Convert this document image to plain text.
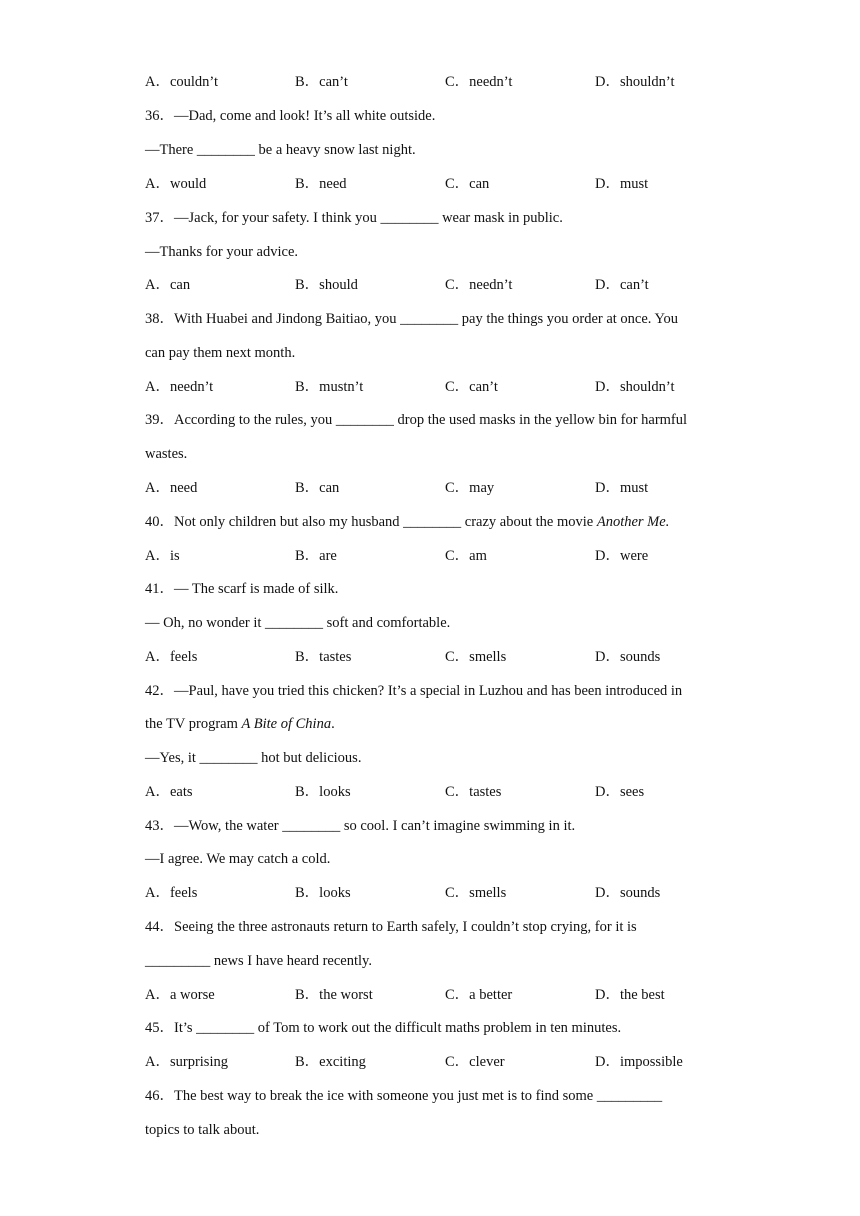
A．couldn’t	B．can’t	C．needn’t	D．shouldn’t
36．—Dad, come and look! It’s all white outside.
—There ________ be a heavy snow last night.
A．would	B．need	C．can	D．must
37．—Jack, for your safety. I think you ________ wear mask in public.
—Thanks for your advice.
A．can	B．should	C．needn’t	D．can’t
38．With Huabei and Jindong Baitiao, you ________ pay the things you order at once. You
can pay them next month.
A．needn’t	B．mustn’t	C．can’t	D．shouldn’t
39．According to the rules, you ________ drop the used masks in the yellow bin for harmful
wastes.
A．need	B．can	C．may	D．must
40．Not only children but also my husband ________ crazy about the movie Another Me.
A．is	B．are	C．am	D．were
41．— The scarf is made of silk.
— Oh, no wonder it ________ soft and comfortable.
A．feels	B．tastes	C．smells	D．sounds
42．—Paul, have you tried this chicken? It’s a special in Luzhou and has been introduced in
the TV program A Bite of China.
—Yes, it ________ hot but delicious.
A．eats	B．looks	C．tastes	D．sees
43．—Wow, the water ________ so cool. I can’t imagine swimming in it.
—I agree. We may catch a cold.
A．feels	B．looks	C．smells	D．sounds
44．Seeing the three astronauts return to Earth safely, I couldn’t stop crying, for it is
_________ news I have heard recently.
A．a worse	B．the worst	C．a better	D．the best
45．It’s ________ of Tom to work out the difficult maths problem in ten minutes.
A．surprising	B．exciting	C．clever	D．impossible
46．The best way to break the ice with someone you just met is to find some _________
topics to talk about.
